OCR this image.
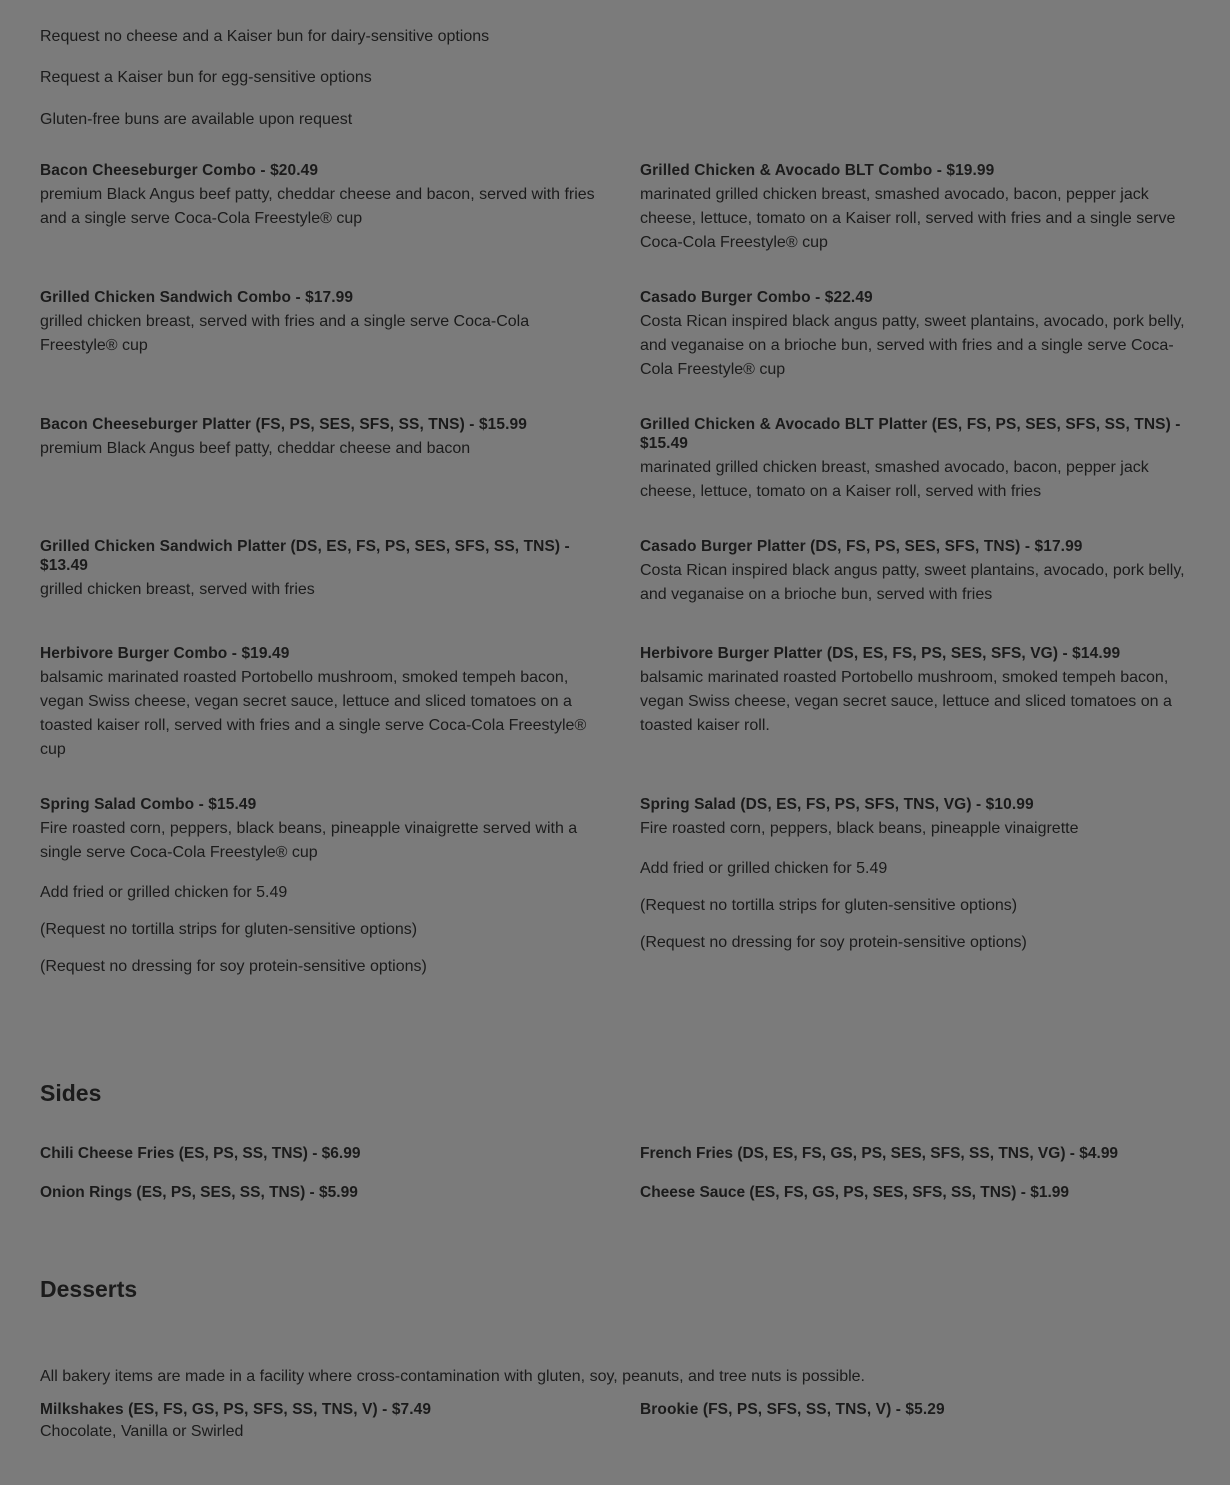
Request no cheese and a Kaiser bun for dairy-sensitive options
Request a Kaiser bun for egg-sensitive options
Gluten-free buns are available upon request
Bacon Cheeseburger Combo - $20.49
premium Black Angus beef patty, cheddar cheese and bacon, served with fries and a single serve Coca-Cola Freestyle® cup
Grilled Chicken & Avocado BLT Combo - $19.99
marinated grilled chicken breast, smashed avocado, bacon, pepper jack cheese, lettuce, tomato on a Kaiser roll, served with fries and a single serve Coca-Cola Freestyle® cup
Grilled Chicken Sandwich Combo - $17.99
grilled chicken breast, served with fries and a single serve Coca-Cola Freestyle® cup
Casado Burger Combo - $22.49
Costa Rican inspired black angus patty, sweet plantains, avocado, pork belly, and veganaise on a brioche bun, served with fries and a single serve Coca-Cola Freestyle® cup
Bacon Cheeseburger Platter (FS, PS, SES, SFS, SS, TNS) - $15.99
premium Black Angus beef patty, cheddar cheese and bacon
Grilled Chicken & Avocado BLT Platter (ES, FS, PS, SES, SFS, SS, TNS) - $15.49
marinated grilled chicken breast, smashed avocado, bacon, pepper jack cheese, lettuce, tomato on a Kaiser roll, served with fries
Grilled Chicken Sandwich Platter (DS, ES, FS, PS, SES, SFS, SS, TNS) - $13.49
grilled chicken breast, served with fries
Casado Burger Platter (DS, FS, PS, SES, SFS, TNS) - $17.99
Costa Rican inspired black angus patty, sweet plantains, avocado, pork belly, and veganaise on a brioche bun, served with fries
Herbivore Burger Combo - $19.49
balsamic marinated roasted Portobello mushroom, smoked tempeh bacon, vegan Swiss cheese, vegan secret sauce, lettuce and sliced tomatoes on a toasted kaiser roll, served with fries and a single serve Coca-Cola Freestyle® cup
Herbivore Burger Platter (DS, ES, FS, PS, SES, SFS, VG) - $14.99
balsamic marinated roasted Portobello mushroom, smoked tempeh bacon, vegan Swiss cheese, vegan secret sauce, lettuce and sliced tomatoes on a toasted kaiser roll.
Spring Salad Combo - $15.49
Fire roasted corn, peppers, black beans, pineapple vinaigrette served with a single serve Coca-Cola Freestyle® cup
Add fried or grilled chicken for 5.49
(Request no tortilla strips for gluten-sensitive options)
(Request no dressing for soy protein-sensitive options)
Spring Salad (DS, ES, FS, PS, SFS, TNS, VG) - $10.99
Fire roasted corn, peppers, black beans, pineapple vinaigrette
Add fried or grilled chicken for 5.49
(Request no tortilla strips for gluten-sensitive options)
(Request no dressing for soy protein-sensitive options)
Sides
Chili Cheese Fries (ES, PS, SS, TNS) - $6.99	French Fries (DS, ES, FS, GS, PS, SES, SFS, SS, TNS, VG) - $4.99
Onion Rings (ES, PS, SES, SS, TNS) - $5.99	Cheese Sauce (ES, FS, GS, PS, SES, SFS, SS, TNS) - $1.99
Desserts
All bakery items are made in a facility where cross-contamination with gluten, soy, peanuts, and tree nuts is possible.
Milkshakes (ES, FS, GS, PS, SFS, SS, TNS, V) - $7.49
Chocolate, Vanilla or Swirled
Brookie (FS, PS, SFS, SS, TNS, V) - $5.29
